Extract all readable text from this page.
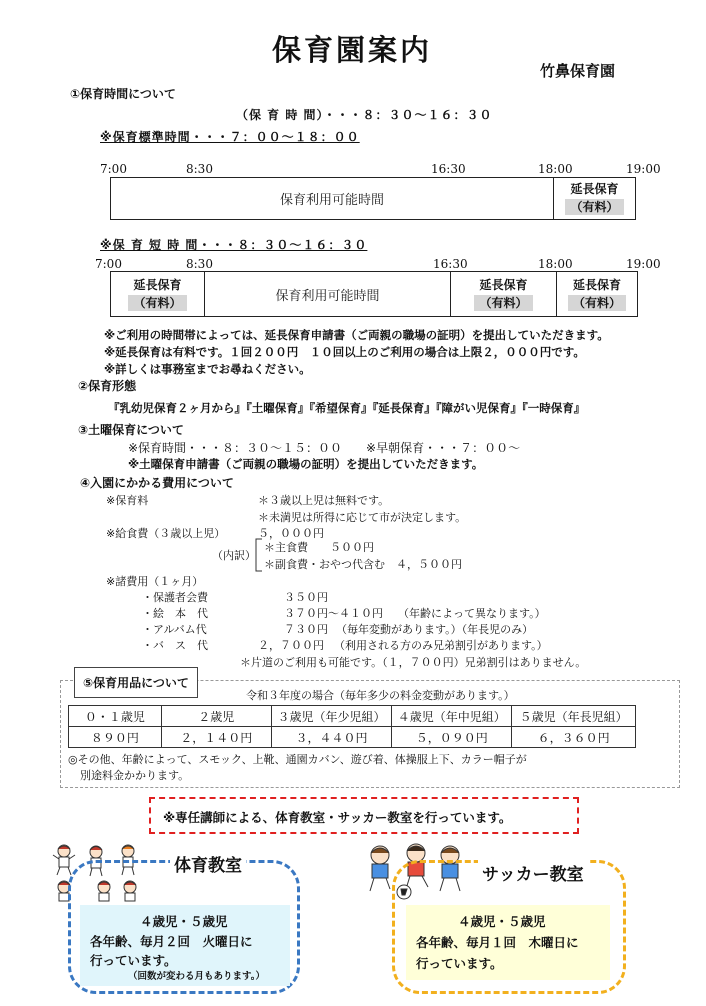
保育園案内
竹鼻保育園
①保育時間について
（保 育 時 間）・・・８：３０〜１６：３０
※保育標準時間・・・７：００〜１８：００
7:00	8:30	16:30	18:00	19:00
保育利用可能時間
延長保育
（有料）
※保 育 短 時 間・・・８：３０〜１６：３０
7:00	8:30	16:30	18:00	19:00
延長保育
（有料）	保育利用可能時間
延長保育
（有料）
延長保育
（有料）
※ご利用の時間帯によっては、延長保育申請書（ご両親の職場の証明）を提出していただきます。
※延長保育は有料です。１回２００円　１０回以上のご利用の場合は上限２，０００円です。
※詳しくは事務室までお尋ねください。
②保育形態
『乳幼児保育２ヶ月から』『土曜保育』『希望保育』『延長保育』『障がい児保育』『一時保育』
③土曜保育について
※保育時間・・・８：３０〜１５：００　　※早朝保育・・・７：００〜
※土曜保育申請書（ご両親の職場の証明）を提出していただきます。
④入園にかかる費用について
※保育料	＊３歳以上児は無料です。
＊未満児は所得に応じて市が決定します。
※給食費（３歳以上児）	５，０００円
（内訳）
＊主食費　　５００円
＊副食費・おやつ代含む　４，５００円
※諸費用（１ヶ月）
・保護者会費	３５０円
・絵　本　代	３７０円〜４１０円 （年齢によって異なります。）
・アルバム代	７３０円 （毎年変動があります。）（年長児のみ）
・バ　ス　代	２，７００円 （利用される方のみ兄弟割引があります。）
＊片道のご利用も可能です。（１，７００円）兄弟割引はありません。
⑤保育用品について
令和３年度の場合（毎年多少の料金変動があります。）
０・１歳児	２歳児	３歳児（年少児組）	４歳児（年中児組）	５歳児（年長児組）
８９０円	２，１４０円	３，４４０円	５，０９０円	６，３６０円
◎その他、年齢によって、スモック、上靴、通園カバン、遊び着、体操服上下、カラー帽子が
別途料金かかります。
※専任講師による、体育教室・サッカー教室を行っています。
体育教室
４歳児・５歳児
各年齢、毎月２回　火曜日に
行っています。
（回数が変わる月もあります。）
サッカー教室
４歳児・５歳児
各年齢、毎月１回　木曜日に
行っています。
